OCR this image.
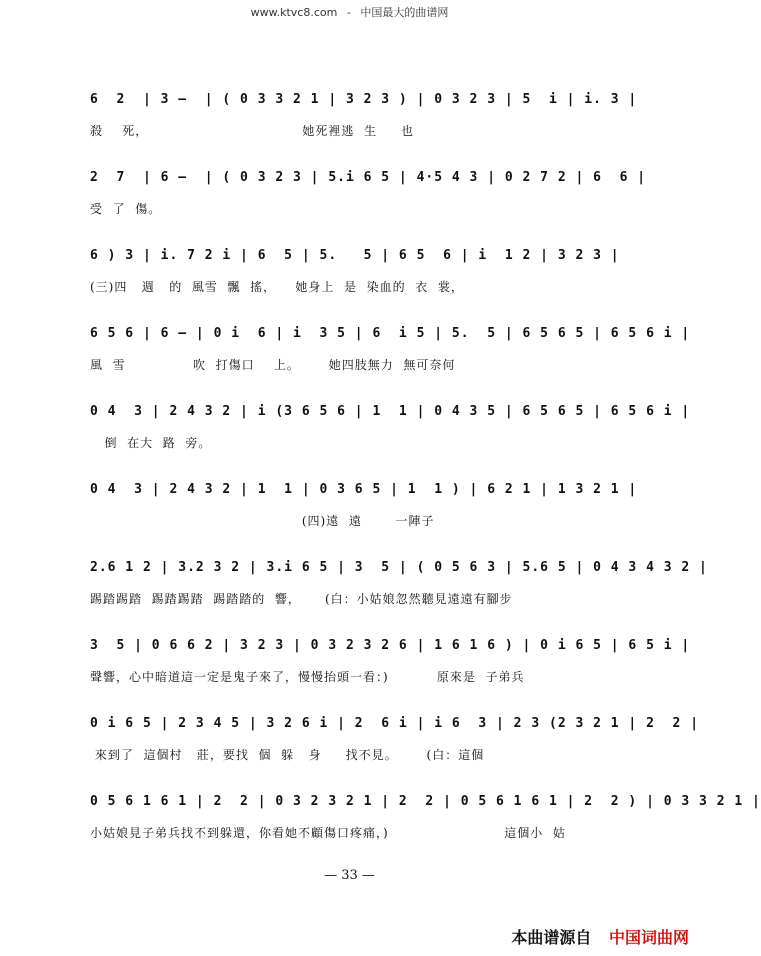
www.ktvc8.com - 中国最大的曲谱网
6  2  | 3 ‒  | ( 0 3 3 2 1 | 3 2 3 ) | 0 3 2 3 | 5  i | i. 3 |
殺    死，                                她死裡逃  生     也
2  7  | 6 ‒  | ( 0 3 2 3 | 5.i 6 5 | 4·5 4 3 | 0 2 7 2 | 6  6 |
受  了  傷。
6 ) 3 | i. 7 2 i | 6  5 | 5.   5 | 6 5  6 | i  1 2 | 3 2 3 |
(三)四   週   的  風雪  飄  搖，    她身上  是  染血的  衣  裳，
6 5 6 | 6 ‒ | 0 i  6 | i  3 5 | 6  i 5 | 5.  5 | 6 5 6 5 | 6 5 6 i |
風  雪              吹  打傷口    上。      她四肢無力  無可奈何
0 4  3 | 2 4 3 2 | i (3 6 5 6 | 1  1 | 0 4 3 5 | 6 5 6 5 | 6 5 6 i |
倒  在大  路  旁。
0 4  3 | 2 4 3 2 | 1  1 | 0 3 6 5 | 1  1 ) | 6 2 1 | 1 3 2 1 |
(四)遠  遠       一陣子
2.6 1 2 | 3.2 3 2 | 3.i 6 5 | 3  5 | ( 0 5 6 3 | 5.6 5 | 0 4 3 4 3 2 |
踢踏踢踏  踢踏踢踏  踢踏踏的  響，     (白：小姑娘忽然聽見遠遠有腳步
3  5 | 0 6 6 2 | 3 2 3 | 0 3 2 3 2 6 | 1 6 1 6 ) | 0 i 6 5 | 6 5 i |
聲響，心中暗道這一定是鬼子來了，慢慢抬頭一看：)          原來是  子弟兵
0 i 6 5 | 2 3 4 5 | 3 2 6 i | 2  6 i | i 6  3 | 2 3 (2 3 2 1 | 2  2 |
來到了  這個村   莊，要找  個  躲   身     找不見。      (白：這個
0 5 6 1 6 1 | 2  2 | 0 3 2 3 2 1 | 2  2 | 0 5 6 1 6 1 | 2  2 ) | 0 3 3 2 1 |
小姑娘見子弟兵找不到躲還，你看她不顧傷口疼痛，)                        這個小  姑
— 33 —
本曲谱源自 中国词曲网
